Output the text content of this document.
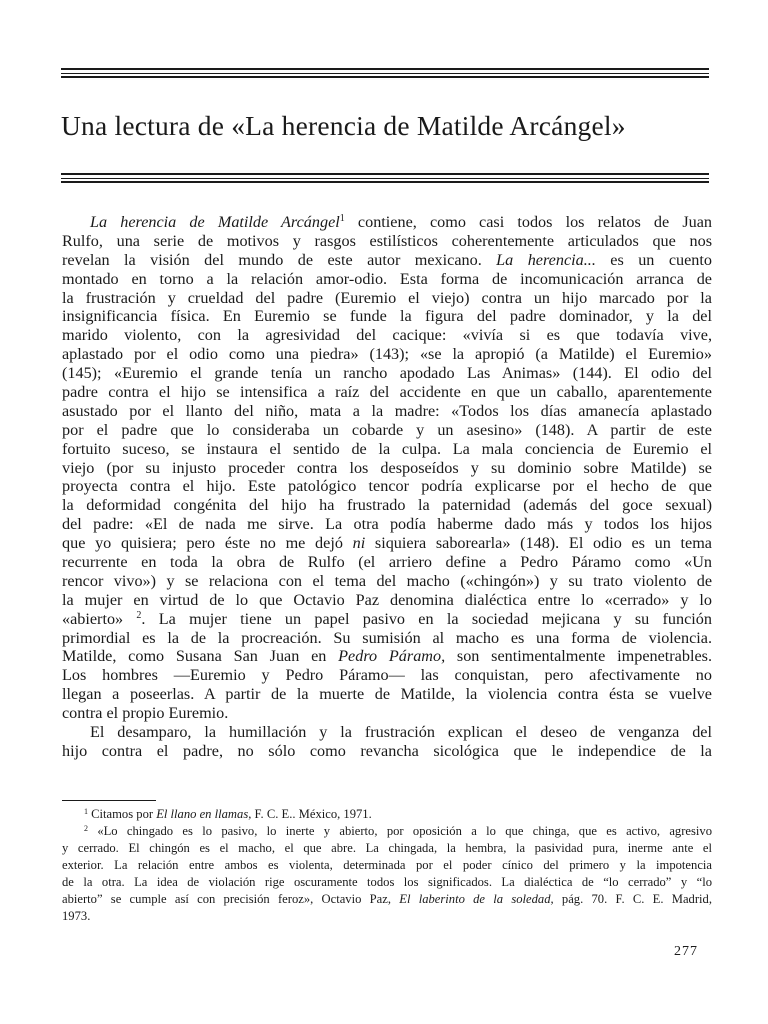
Una lectura de «La herencia de Matilde Arcángel»
La herencia de Matilde Arcángel$^1$ contiene, como casi todos los relatos de Juan
Rulfo, una serie de motivos y rasgos estilísticos coherentemente articulados que nos
revelan la visión del mundo de este autor mexicano. La herencia... es un cuento
montado en torno a la relación amor-odio. Esta forma de incomunicación arranca de
la frustración y crueldad del padre (Euremio el viejo) contra un hijo marcado por la
insignificancia física. En Euremio se funde la figura del padre dominador, y la del
marido violento, con la agresividad del cacique: «vivía si es que todavía vive,
aplastado por el odio como una piedra» (143); «se la apropió (a Matilde) el Euremio»
(145); «Euremio el grande tenía un rancho apodado Las Animas» (144). El odio del
padre contra el hijo se intensifica a raíz del accidente en que un caballo, aparentemente
asustado por el llanto del niño, mata a la madre: «Todos los días amanecía aplastado
por el padre que lo consideraba un cobarde y un asesino» (148). A partir de este
fortuito suceso, se instaura el sentido de la culpa. La mala conciencia de Euremio el
viejo (por su injusto proceder contra los desposeídos y su dominio sobre Matilde) se
proyecta contra el hijo. Este patológico tencor podría explicarse por el hecho de que
la deformidad congénita del hijo ha frustrado la paternidad (además del goce sexual)
del padre: «El de nada me sirve. La otra podía haberme dado más y todos los hijos
que yo quisiera; pero éste no me dejó ni siquiera saborearla» (148). El odio es un tema
recurrente en toda la obra de Rulfo (el arriero define a Pedro Páramo como «Un
rencor vivo») y se relaciona con el tema del macho («chingón») y su trato violento de
la mujer en virtud de lo que Octavio Paz denomina dialéctica entre lo «cerrado» y lo
«abierto» $^2$. La mujer tiene un papel pasivo en la sociedad mejicana y su función
primordial es la de la procreación. Su sumisión al macho es una forma de violencia.
Matilde, como Susana San Juan en Pedro Páramo, son sentimentalmente impenetrables.
Los hombres —Euremio y Pedro Páramo— las conquistan, pero afectivamente no
llegan a poseerlas. A partir de la muerte de Matilde, la violencia contra ésta se vuelve
contra el propio Euremio.
El desamparo, la humillación y la frustración explican el deseo de venganza del
hijo contra el padre, no sólo como revancha sicológica que le independice de la
$^1$ Citamos por El llano en llamas, F. C. E.. México, 1971.
$^2$ «Lo chingado es lo pasivo, lo inerte y abierto, por oposición a lo que chinga, que es activo, agresivo
y cerrado. El chingón es el macho, el que abre. La chingada, la hembra, la pasividad pura, inerme ante el
exterior. La relación entre ambos es violenta, determinada por el poder cínico del primero y la impotencia
de la otra. La idea de violación rige oscuramente todos los significados. La dialéctica de “lo cerrado” y “lo
abierto” se cumple así con precisión feroz», Octavio Paz, El laberinto de la soledad, pág. 70. F. C. E. Madrid,
1973.
277
